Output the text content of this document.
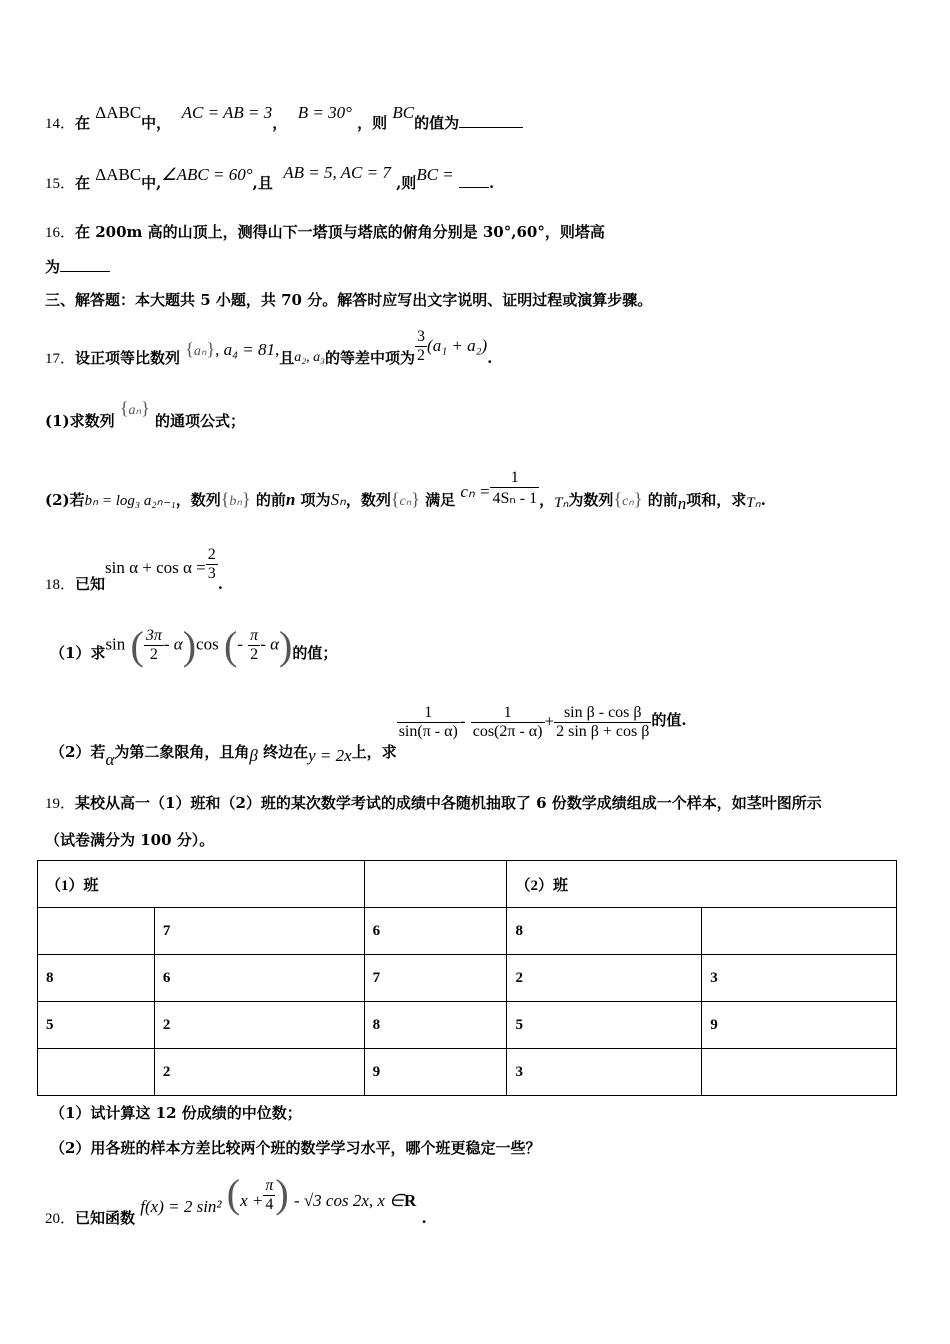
14．在 ΔABC中，  AC = AB = 3，  B = 30° ，则 BC的值为
15．在 ΔABC中,∠ABC = 60°,且  AB = 5, AC = 7 ,则BC = .
16．在 200m 高的山顶上，测得山下一塔顶与塔底的俯角分别是 30°,60°，则塔高
为
三、解答题：本大题共 5 小题，共 70 分。解答时应写出文字说明、证明过程或演算步骤。
17．设正项等比数列 {aₙ}, a₄ = 81,且a₂, a₃的等差中项为 $\frac{3}{2} (a_1 + a_2)$.
(1)求数列 {aₙ} 的通项公式；
(2)若bₙ = log₃ a₂ₙ₋₁，数列{bₙ} 的前n 项为Sₙ，数列{cₙ} 满足 $c_n = \frac{1}{\text{4Sₙ - 1}}$ ，Tₙ为数列{cₙ} 的前n项和，求Tₙ.
18．已知$\sin \alpha + \cos \alpha = \frac{2}{3}$
.
（1）求sin ( $\frac{3\pi}{2} - \alpha)\cos$ (- $\frac{\pi}{2} - \alpha$)的值；
（2）若α为第二象限角，且角β 终边在y = 2x上，求
$\frac{1}{\sin(\pi - \alpha)} - \frac{1}{\cos(2\pi - \alpha)} + \frac{\text{sin β - cos β}}{\text{2 sin β + cos β}}$ 的值.
19．某校从高一（1）班和（2）班的某次数学考试的成绩中各随机抽取了 6 份数学成绩组成一个样本，如茎叶图所示
（试卷满分为 100 分）。
（1）班			（2）班	
	7	6	8	
8	6	7	2	3
5	2	8	5	9
	2	9	3	
（1）试计算这 12 份成绩的中位数；
（2）用各班的样本方差比较两个班的数学学习水平，哪个班更稳定一些？
20．已知函数 f(x) = 2 sin² ($x + \frac{\pi}{4}$ ) - √3 cos 2x, x ∈R .
